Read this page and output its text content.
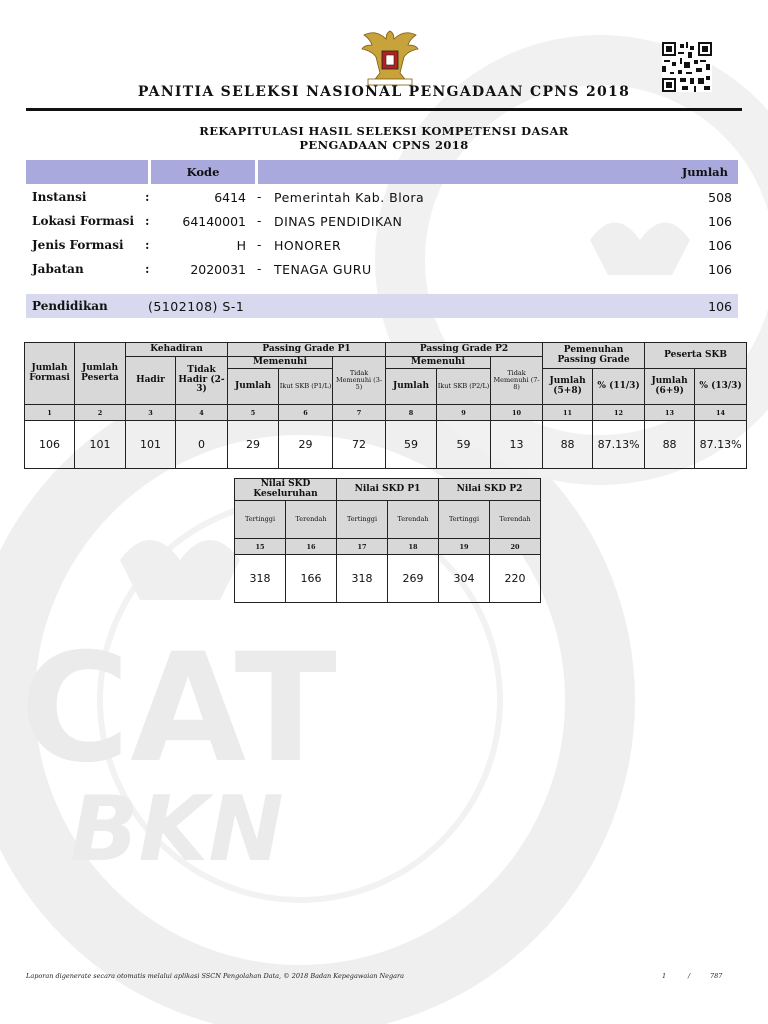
CAT
BKN
PANITIA SELEKSI NASIONAL PENGADAAN CPNS 2018
REKAPITULASI HASIL SELEKSI KOMPETENSI DASAR
PENGADAAN CPNS 2018
Kode	Jumlah
Instansi	:	6414 - Pemerintah Kab. Blora	508
Lokasi Formasi :	64140001 - DINAS PENDIDIKAN	106
Jenis Formasi :	H - HONORER	106
Jabatan	:	2020031 - TENAGA GURU	106
Pendidikan	(5102108) S-1	106
Jumlah Formasi	Jumlah Peserta	Kehadiran		Passing Grade P1			Passing Grade P2			Pemenuhan Passing Grade		Peserta SKB	
		Hadir	Tidak Hadir (2-3)	Memenuhi		Tidak Memenuhi (3-5)	Memenuhi		Tidak Memenuhi (7-8)				
				Jumlah	Ikut SKB (P1/L)		Jumlah	Ikut SKB (P2/L)		Jumlah (5+8)	% (11/3)	Jumlah (6+9)	% (13/3)
1	2	3	4	5	6	7	8	9	10	11	12	13	14
106	101	101	0	29	29	72	59	59	13	88	87.13%	88	87.13%
Nilai SKD Keseluruhan		Nilai SKD P1		Nilai SKD P2	
Tertinggi	Terendah	Tertinggi	Terendah	Tertinggi	Terendah
15	16	17	18	19	20
318	166	318	269	304	220
Laporan digenerate secara otomatis melalui aplikasi SSCN Pengolahan Data, © 2018 Badan Kepegawaian Negara	1	/	787
